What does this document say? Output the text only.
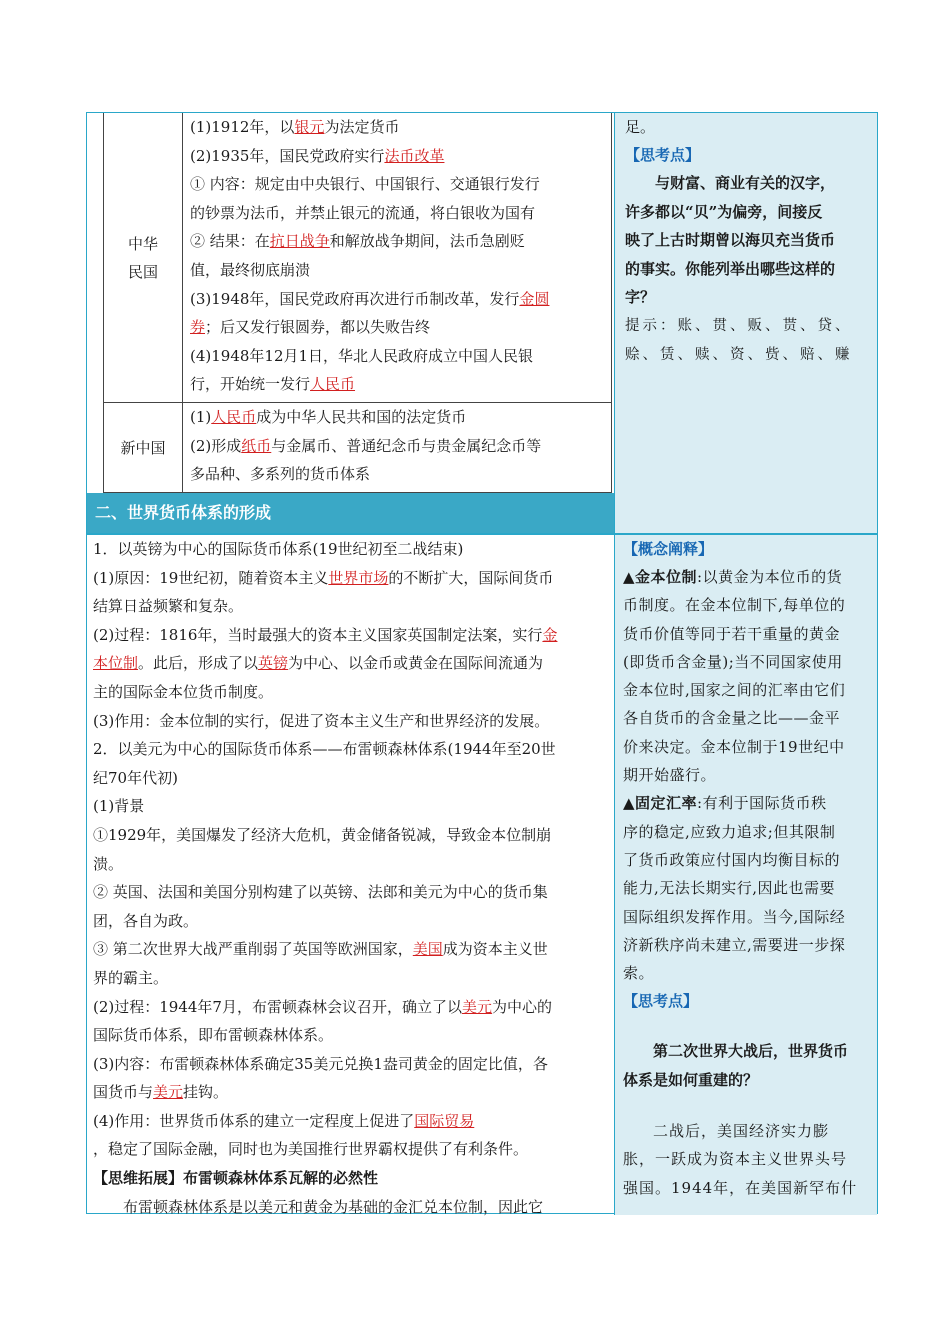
中华
民国

(1)1912年，以银元为法定货币

(2)1935年，国民党政府实行法币改革

① 内容：规定由中央银行、中国银行、交通银行发行

的钞票为法币，并禁止银元的流通，将白银收为国有

② 结果：在抗日战争和解放战争期间，法币急剧贬

值，最终彻底崩溃

(3)1948年，国民党政府再次进行币制改革，发行金圆

券；后又发行银圆券，都以失败告终

(4)1948年12月1日，华北人民政府成立中国人民银

行，开始统一发行人民币

新中国

(1)人民币成为中华人民共和国的法定货币

(2)形成纸币与金属币、普通纪念币与贵金属纪念币等

多品种、多系列的货币体系

足。

【思考点】

与财富、商业有关的汉字，

许多都以“贝”为偏旁，间接反

映了上古时期曾以海贝充当货币

的事实。你能列举出哪些这样的

字？

提示：账、贯、贩、贳、贷、

赊、赁、赎、资、赀、赔、赚

二、世界货币体系的形成

1．以英镑为中心的国际货币体系(19世纪初至二战结束)

(1)原因：19世纪初，随着资本主义世界市场的不断扩大，国际间货币

结算日益频繁和复杂。

(2)过程：1816年，当时最强大的资本主义国家英国制定法案，实行金

本位制。此后，形成了以英镑为中心、以金币或黄金在国际间流通为

主的国际金本位货币制度。

(3)作用：金本位制的实行，促进了资本主义生产和世界经济的发展。

2．以美元为中心的国际货币体系——布雷顿森林体系(1944年至20世

纪70年代初)

(1)背景

①1929年，美国爆发了经济大危机，黄金储备锐减，导致金本位制崩

溃。

② 英国、法国和美国分别构建了以英镑、法郎和美元为中心的货币集

团，各自为政。

③ 第二次世界大战严重削弱了英国等欧洲国家，美国成为资本主义世

界的霸主。

(2)过程：1944年7月，布雷顿森林会议召开，确立了以美元为中心的

国际货币体系，即布雷顿森林体系。

(3)内容：布雷顿森林体系确定35美元兑换1盎司黄金的固定比值，各

国货币与美元挂钩。

(4)作用：世界货币体系的建立一定程度上促进了国际贸易

，稳定了国际金融，同时也为美国推行世界霸权提供了有利条件。

【思维拓展】布雷顿森林体系瓦解的必然性

布雷顿森林体系是以美元和黄金为基础的金汇兑本位制，因此它

【概念阐释】

▲金本位制:以黄金为本位币的货

币制度。在金本位制下,每单位的

货币价值等同于若干重量的黄金

(即货币含金量);当不同国家使用

金本位时,国家之间的汇率由它们

各自货币的含金量之比——金平

价来决定。金本位制于19世纪中

期开始盛行。

▲固定汇率:有利于国际货币秩

序的稳定,应致力追求;但其限制

了货币政策应付国内均衡目标的

能力,无法长期实行,因此也需要

国际组织发挥作用。当今,国际经

济新秩序尚未建立,需要进一步探

索。

【思考点】

第二次世界大战后，世界货币

体系是如何重建的？

二战后，美国经济实力膨

胀，一跃成为资本主义世界头号

强国。1944年，在美国新罕布什
